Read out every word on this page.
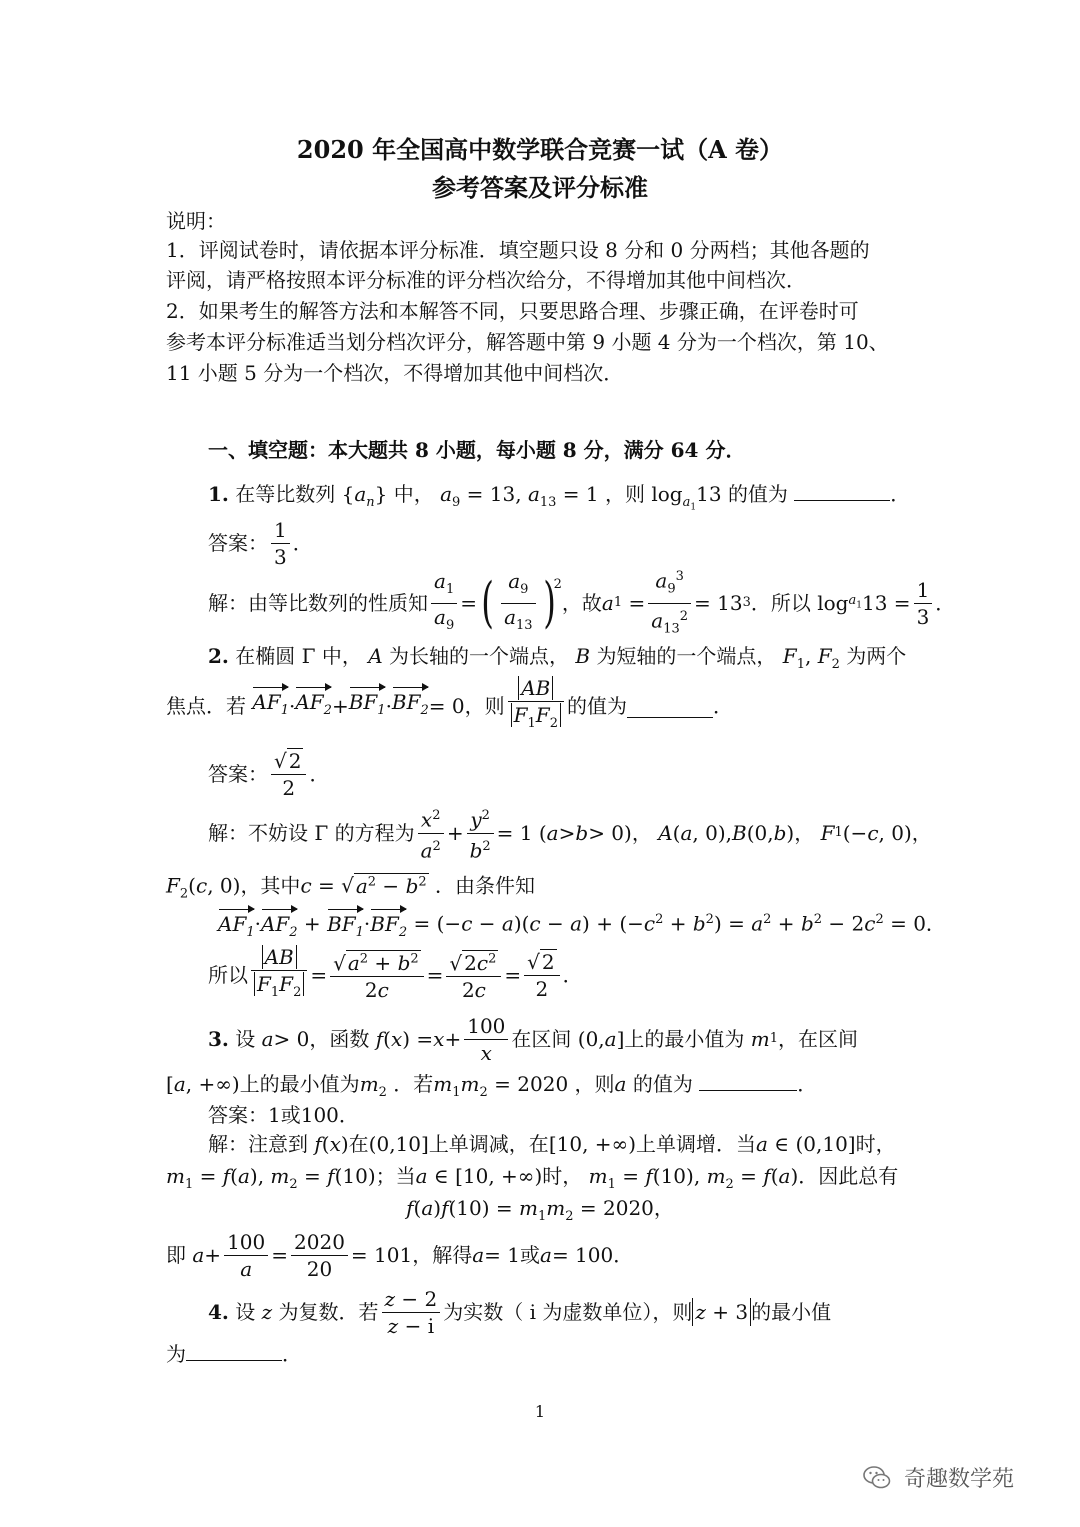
2020 年全国高中数学联合竞赛一试（A 卷）
参考答案及评分标准
说明：
1．评阅试卷时，请依据本评分标准．填空题只设 8 分和 0 分两档；其他各题的
评阅，请严格按照本评分标准的评分档次给分，不得增加其他中间档次．
2．如果考生的解答方法和本解答不同，只要思路合理、步骤正确，在评卷时可
参考本评分标准适当划分档次评分，解答题中第 9 小题 4 分为一个档次，第 10、
11 小题 5 分为一个档次，不得增加其他中间档次．
一、填空题：本大题共 8 小题，每小题 8 分，满分 64 分．
1. 在等比数列 $\{a_n\}$ 中， $a_9 = 13$, $a_{13} = 1$ ，则 $\log_{a_1}13$ 的值为	．
答案： $\frac{1}{3}$ ．
解： 由等比数列的性质知 $\frac{a_1}{a_9}$ = ( $\frac{a_9}{a_{13}}$ )
$^2$
，故 a $1 = \frac{a_9^3}{a_{13}^2} = 13$ 3 ．所以 $\log a_1$ $13 = \frac{1}{3}$ ．
2. 在椭圆 Γ 中， A 为长轴的一个端点， B 为短轴的一个端点， $F_1$, $F_2$ 为两个
焦点．若
$AF_1 \cdot AF_2 + BF_1 \cdot BF_2 = 0$ ，则 $\frac{AB}{F_1F_2}$ 的值为	．
答案： $\frac{√ 2}{2}$ ．
解： 不妨设 Γ 的方程为 $\frac{x^2}{a^2} + \frac{y^2}{b^2} = 1$ ( a > b > 0)， A ( a , 0), B (0, b )， F 1 (− c , 0)，
$F_2(c$, 0)，其中c = √ $a^2 - b^2$ ．由条件知
$AF_1\cdot AF_2 + BF_1\cdot BF_2 = (-c - a)(c - a) + (-c^2 + b^2) = a^2 + b^2 - 2c^2 = 0$．
所以 $\frac{AB}{F_1F_2} = \frac{√ a^2 + b^2}{2c} = \frac{√ 2c^2}{2c} = \frac{√ 2}{2}$ ．
3.
设
a > 0 ，函数
f ( x ) = $x + \frac{100}{x}$ 在区间 (0, a ] 上的最小值为
m 1 ，在区间
[a, +∞)上的最小值为$m_2$ ．若$m_1m_2 = 2020$ ，则a 的值为	．
答案：1或100．
解：注意到 f(x)在(0,10]上单调减，在[10, +∞)上单调增．当a ∈ (0,10]时，
$m_1 = f(a)$, $m_2 = f(10)$；当a ∈ [10, +∞)时， $m_1 = f(10)$, $m_2 = f(a)$．因此总有
$f(a)f(10) = m_1m_2 = 2020$，
即
$a + \frac{100}{a} = \frac{2020}{20} = 101$ ，解得 a = 1 或 a = 100．
4.
设
z
为复数．若 $\frac{z - 2}{z - i}$ 为实数（ i 为虚数单位），则 z + 3 的最小值
为	．
1
奇趣数学苑
